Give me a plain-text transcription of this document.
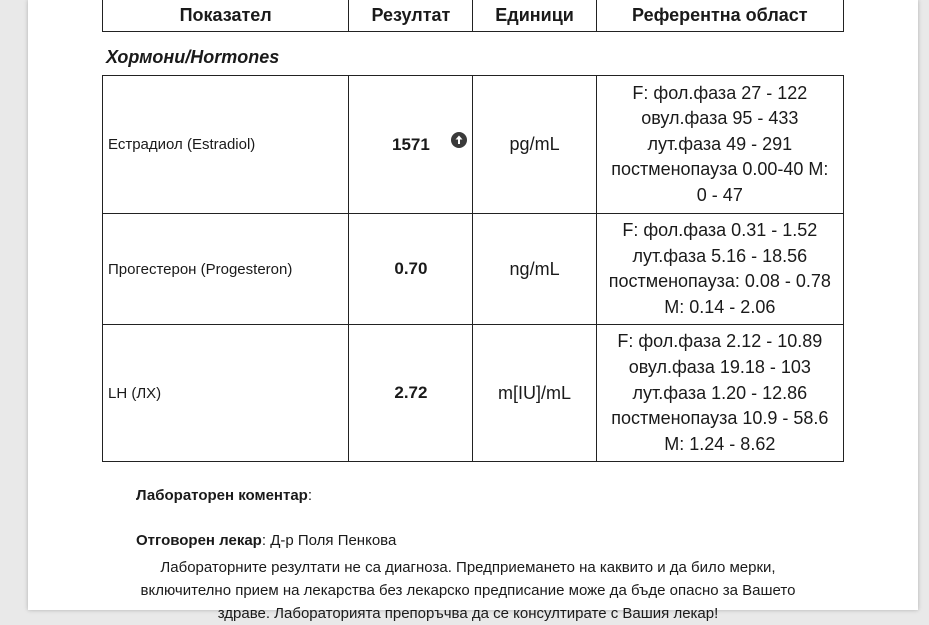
Показател	Резултат	Единици	Референтна област
Хормони/Hormones
Естрадиол (Estradiol)	1571	pg/mL	F: фол.фаза 27 - 122
овул.фаза 95 - 433
лут.фаза 49 - 291
постменопауза 0.00-40 M:
0 - 47

Прогестерон (Progesteron)	0.70	ng/mL	F: фол.фаза 0.31 - 1.52
лут.фаза 5.16 - 18.56
постменопауза: 0.08 - 0.78
M: 0.14 - 2.06

LH (ЛХ)	2.72	m[IU]/mL	F: фол.фаза 2.12 - 10.89
овул.фаза 19.18 - 103
лут.фаза 1.20 - 12.86
постменопауза 10.9 - 58.6
M: 1.24 - 8.62
Лабораторен коментар:
Отговорен лекар: Д-р Поля Пенкова
Лабораторните резултати не са диагноза. Предприемането на каквито и да било мерки,
включително прием на лекарства без лекарско предписание може да бъде опасно за Вашето
здраве. Лабораторията препоръчва да се консултирате с Вашия лекар!
